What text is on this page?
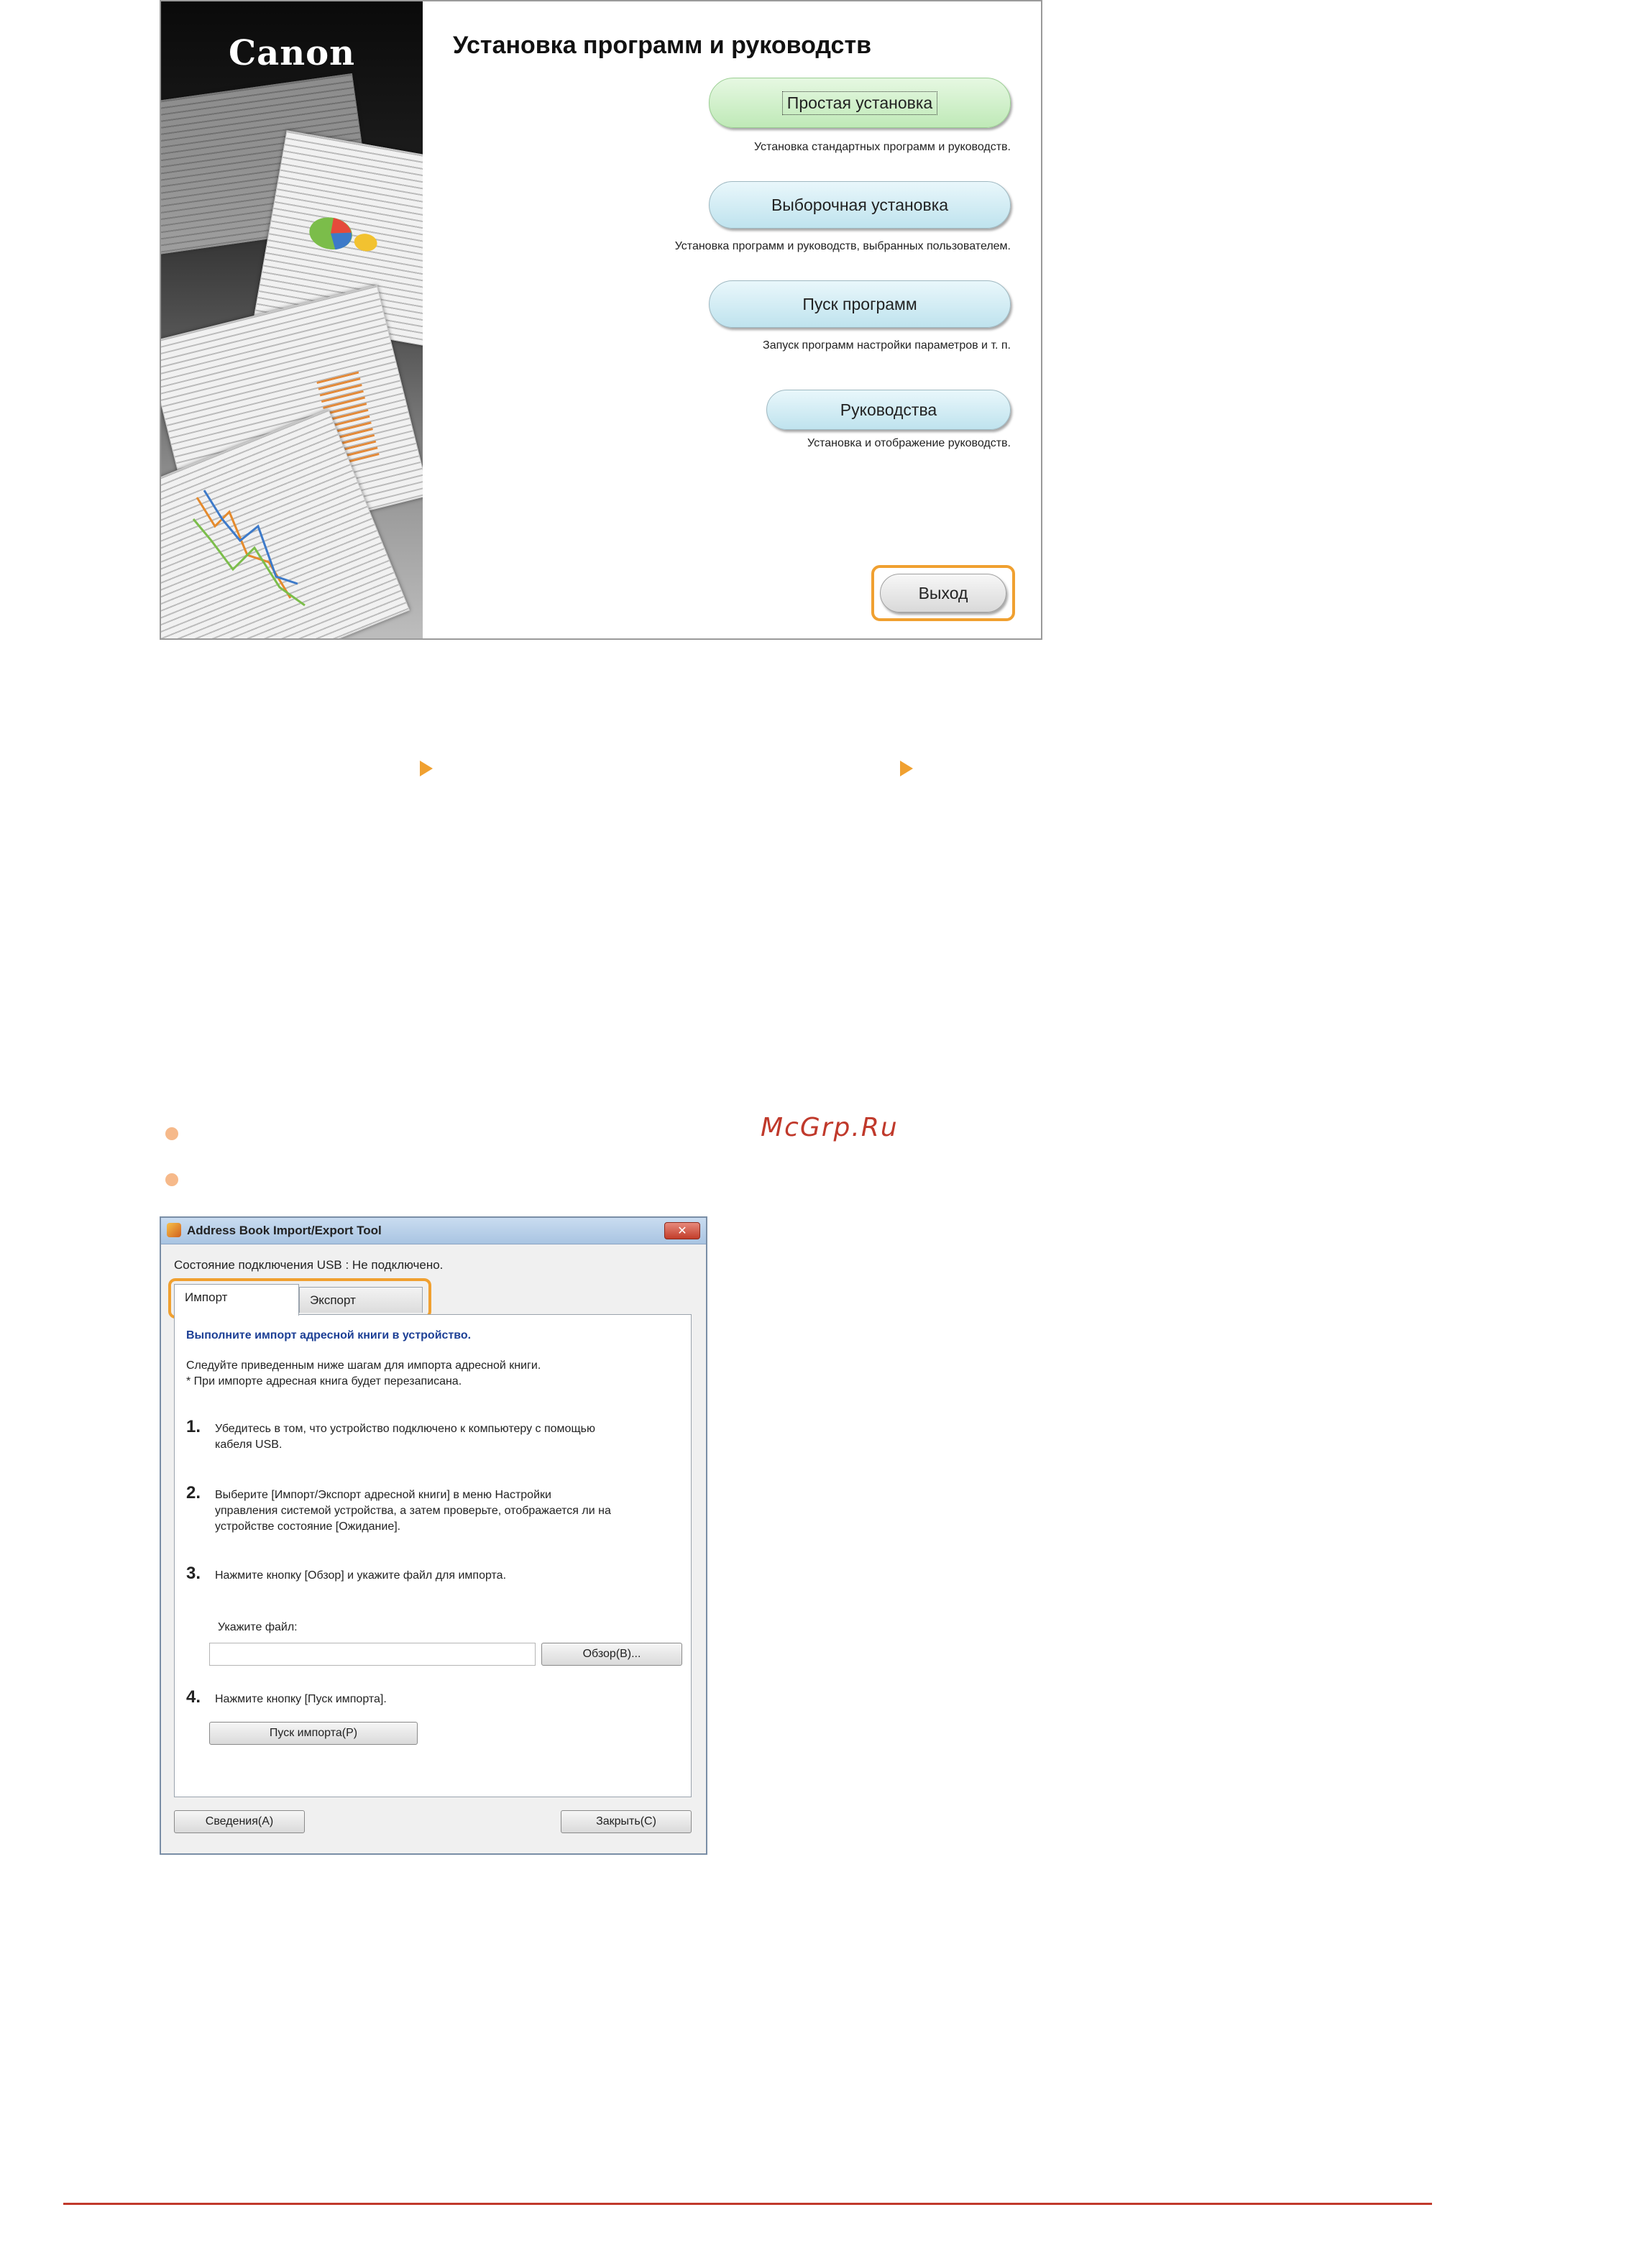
Canon	Установка программ и руководств
Простая установка
Установка стандартных программ и руководств.
Выборочная установка
Установка программ и руководств, выбранных пользователем.
Пуск программ
Запуск программ настройки параметров и т. п.
Руководства
Установка и отображение руководств.
Выход
McGrp.Ru
Address Book Import/Export Tool	✕
Состояние подключения USB : Не подключено.
Импорт	Экспорт
Выполните импорт адресной книги в устройство.
Следуйте приведенным ниже шагам для импорта адресной книги.
* При импорте адресная книга будет перезаписана.
1. Убедитесь в том, что устройство подключено к компьютеру с помощью
кабеля USB.
2. Выберите [Импорт/Экспорт адресной книги] в меню Настройки
управления системой устройства, а затем проверьте, отображается ли на
устройстве состояние [Ожидание].
3. Нажмите кнопку [Обзор] и укажите файл для импорта.
Укажите файл:
Обзор(В)...
4. Нажмите кнопку [Пуск импорта].
Пуск импорта(Р)
Сведения(А)	Закрыть(С)
